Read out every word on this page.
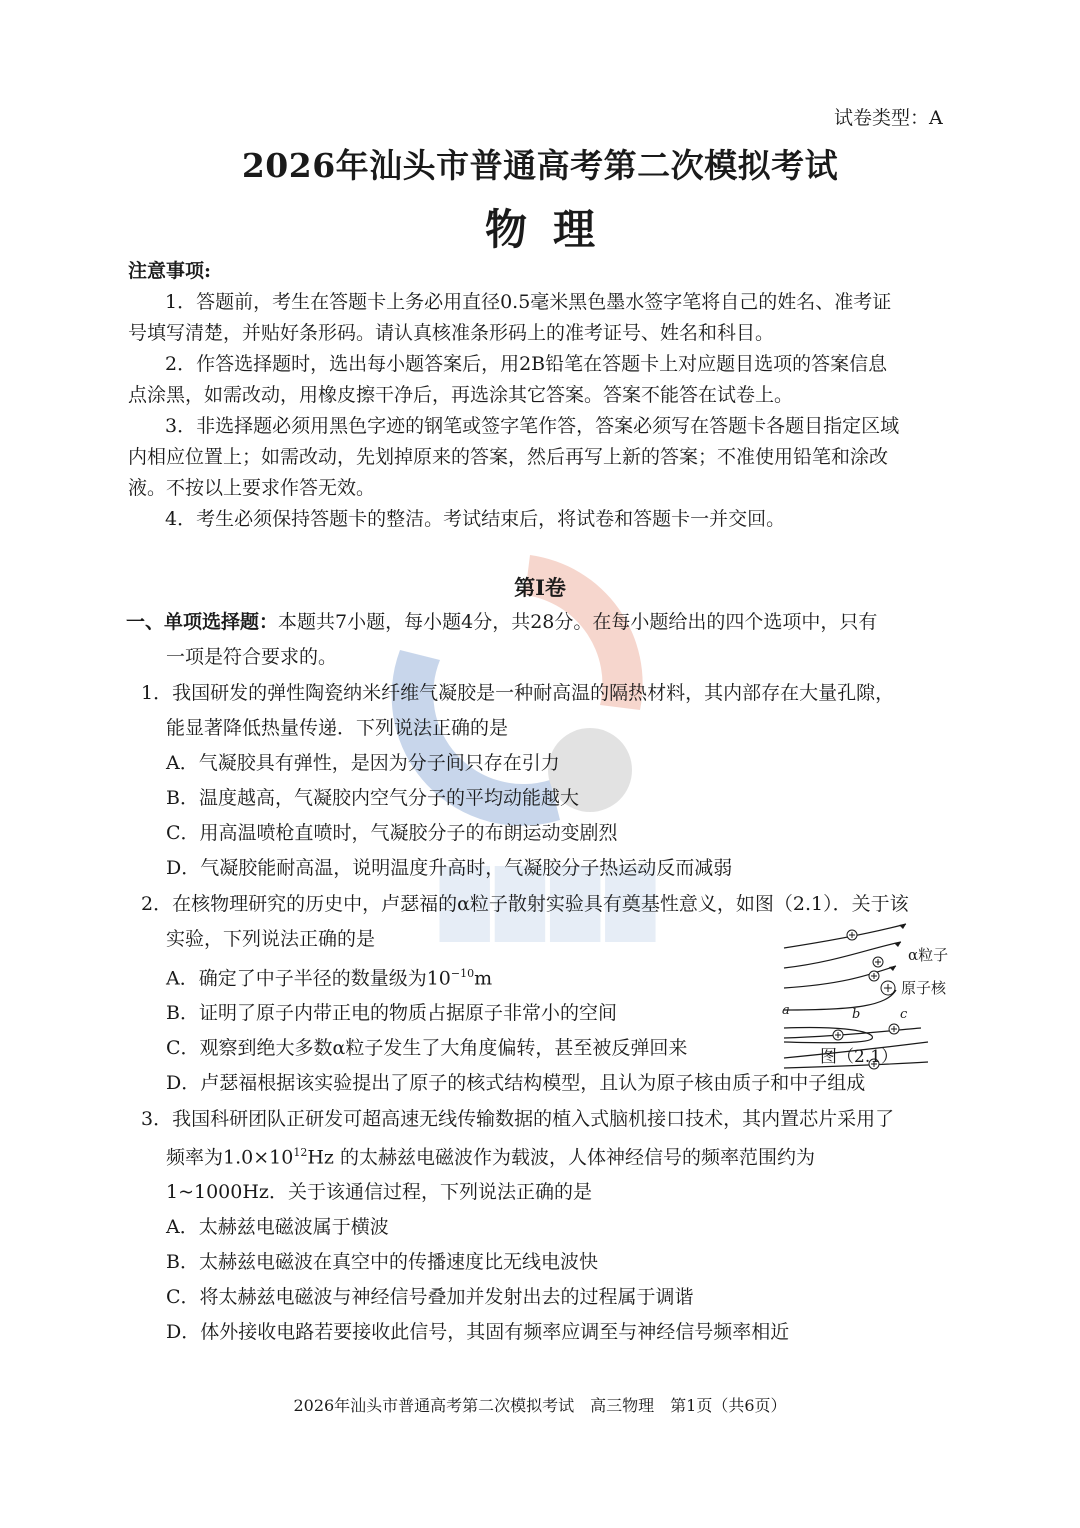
████
试卷类型：A
2026年汕头市普通高考第二次模拟考试
物理
注意事项:
1．答题前，考生在答题卡上务必用直径0.5毫米黑色墨水签字笔将自己的姓名、准考证
号填写清楚，并贴好条形码。请认真核准条形码上的准考证号、姓名和科目。
2．作答选择题时，选出每小题答案后，用2B铅笔在答题卡上对应题目选项的答案信息
点涂黑，如需改动，用橡皮擦干净后，再选涂其它答案。答案不能答在试卷上。
3．非选择题必须用黑色字迹的钢笔或签字笔作答，答案必须写在答题卡各题目指定区域
内相应位置上；如需改动，先划掉原来的答案，然后再写上新的答案；不准使用铅笔和涂改
液。不按以上要求作答无效。
4．考生必须保持答题卡的整洁。考试结束后，将试卷和答题卡一并交回。
第I卷
一、单项选择题：本题共7小题，每小题4分，共28分。在每小题给出的四个选项中，只有
一项是符合要求的。
1．我国研发的弹性陶瓷纳米纤维气凝胶是一种耐高温的隔热材料，其内部存在大量孔隙，
能显著降低热量传递．下列说法正确的是
A．气凝胶具有弹性，是因为分子间只存在引力
B．温度越高，气凝胶内空气分子的平均动能越大
C．用高温喷枪直喷时，气凝胶分子的布朗运动变剧烈
D．气凝胶能耐高温，说明温度升高时，气凝胶分子热运动反而减弱
2．在核物理研究的历史中，卢瑟福的α粒子散射实验具有奠基性意义，如图（2.1）．关于该
实验，下列说法正确的是
A．确定了中子半径的数量级为$10^{-10}m$
B．证明了原子内带正电的物质占据原子非常小的空间
C．观察到绝大多数α粒子发生了大角度偏转，甚至被反弹回来
D．卢瑟福根据该实验提出了原子的核式结构模型，且认为原子核由质子和中子组成
α粒子
原子核
a	b	c
图（2.1）
3．我国科研团队正研发可超高速无线传输数据的植入式脑机接口技术，其内置芯片采用了
频率为$1.0\times 10^{12}Hz$ 的太赫兹电磁波作为载波，人体神经信号的频率范围约为
1~1000Hz．关于该通信过程，下列说法正确的是
A．太赫兹电磁波属于横波
B．太赫兹电磁波在真空中的传播速度比无线电波快
C．将太赫兹电磁波与神经信号叠加并发射出去的过程属于调谐
D．体外接收电路若要接收此信号，其固有频率应调至与神经信号频率相近
2026年汕头市普通高考第二次模拟考试　高三物理　第1页（共6页）
